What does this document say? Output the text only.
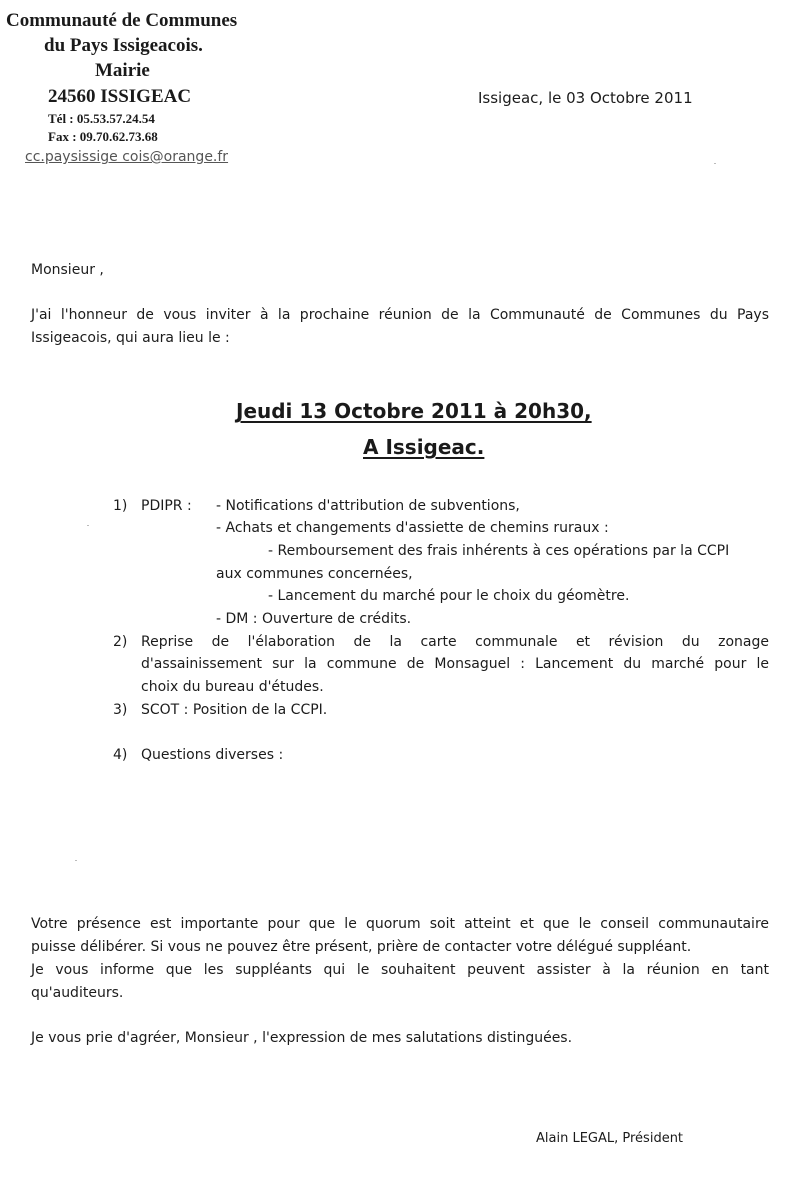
Communauté de Communes
du Pays Issigeacois.
Mairie
24560 ISSIGEAC
Tél : 05.53.57.24.54
Fax : 09.70.62.73.68
cc.paysissige cois@orange.fr
Issigeac, le 03 Octobre 2011
Monsieur ,
J'ai l'honneur de vous inviter à la prochaine réunion de la Communauté de Communes du Pays
Issigeacois, qui aura lieu le :
Jeudi 13 Octobre 2011 à 20h30,
A Issigeac.
1) PDIPR : - Notifications d'attribution de subventions,
- Achats et changements d'assiette de chemins ruraux :
- Remboursement des frais inhérents à ces opérations par la CCPI
aux communes concernées,
- Lancement du marché pour le choix du géomètre.
- DM : Ouverture de crédits.
2) Reprise de l'élaboration de la carte communale et révision du zonage
d'assainissement sur la commune de Monsaguel : Lancement du marché pour le
choix du bureau d'études.
3) SCOT : Position de la CCPI.
4) Questions diverses :
Votre présence est importante pour que le quorum soit atteint et que le conseil communautaire
puisse délibérer. Si vous ne pouvez être présent, prière de contacter votre délégué suppléant.
Je vous informe que les suppléants qui le souhaitent peuvent assister à la réunion en tant
qu'auditeurs.
Je vous prie d'agréer, Monsieur , l'expression de mes salutations distinguées.
Alain LEGAL, Président
